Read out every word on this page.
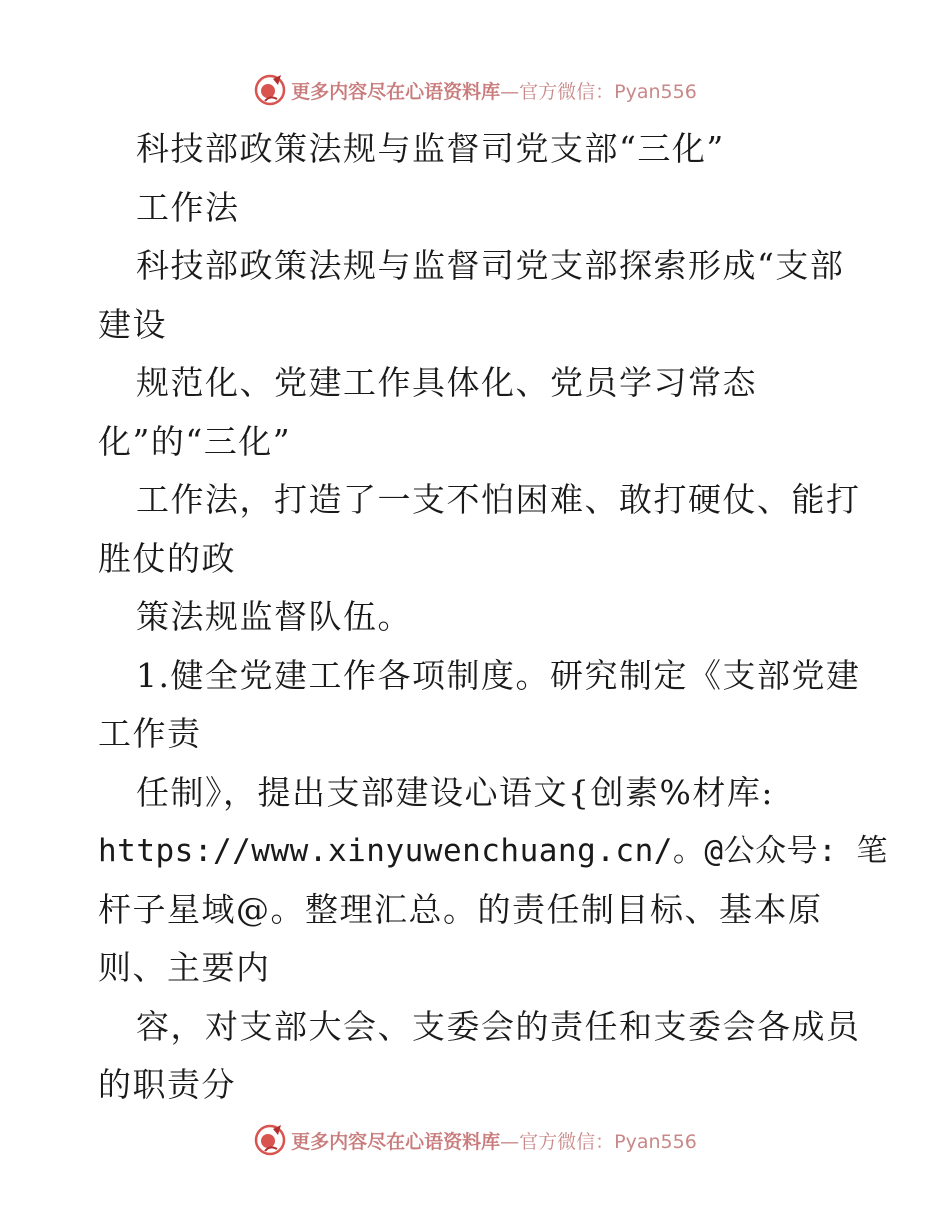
更多内容尽在心语资料库—官方微信：Pyan556
科技部政策法规与监督司党支部“三化”
工作法
科技部政策法规与监督司党支部探索形成“支部
建设
规范化、党建工作具体化、党员学习常态
化”的“三化”
工作法，打造了一支不怕困难、敢打硬仗、能打
胜仗的政
策法规监督队伍。
1.健全党建工作各项制度。研究制定《支部党建
工作责
任制》，提出支部建设心语文{创素%材库:
https://www.xinyuwenchuang.cn/。@公众号: 笔
杆子星域@。整理汇总。的责任制目标、基本原
则、主要内
容，对支部大会、支委会的责任和支委会各成员
的职责分
更多内容尽在心语资料库—官方微信：Pyan556
